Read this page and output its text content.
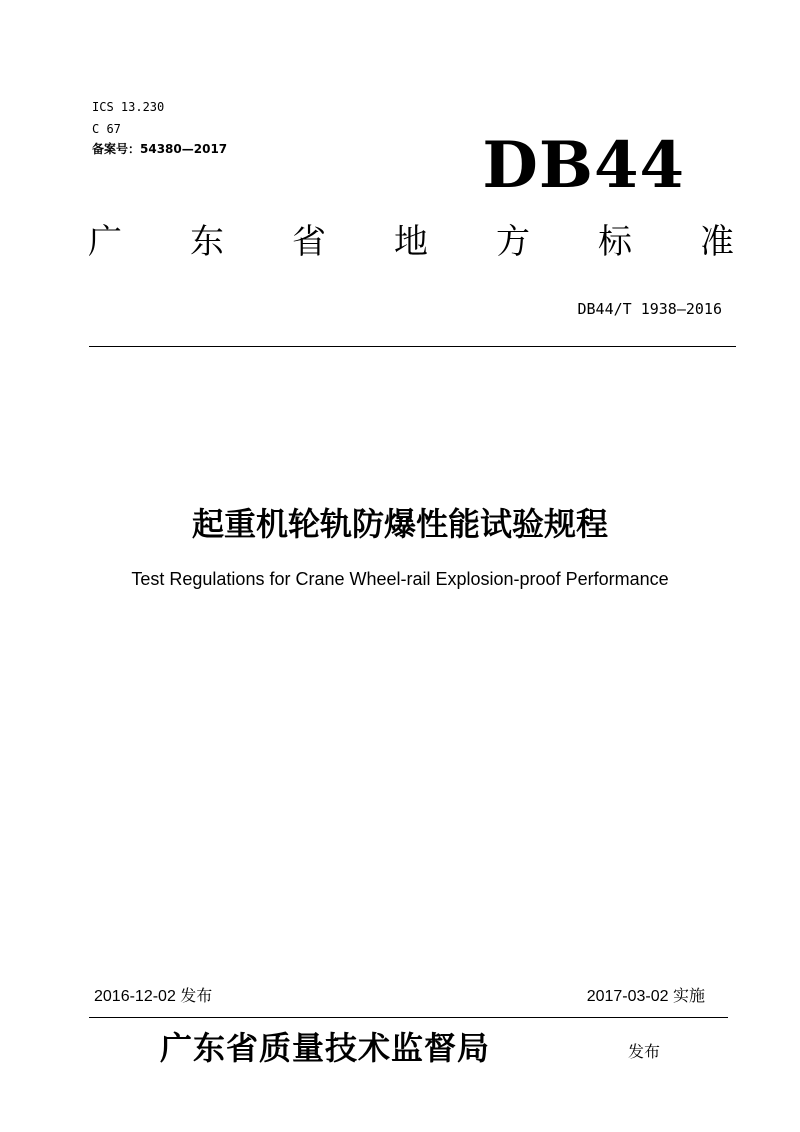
ICS 13.230
C 67
备案号：54380—2017	DB44
广 东 省 地 方 标 准
DB44/T 1938—2016
起重机轮轨防爆性能试验规程
Test Regulations for Crane Wheel-rail Explosion-proof Performance
2016-12-02 发布	2017-03-02 实施
广东省质量技术监督局	发布
